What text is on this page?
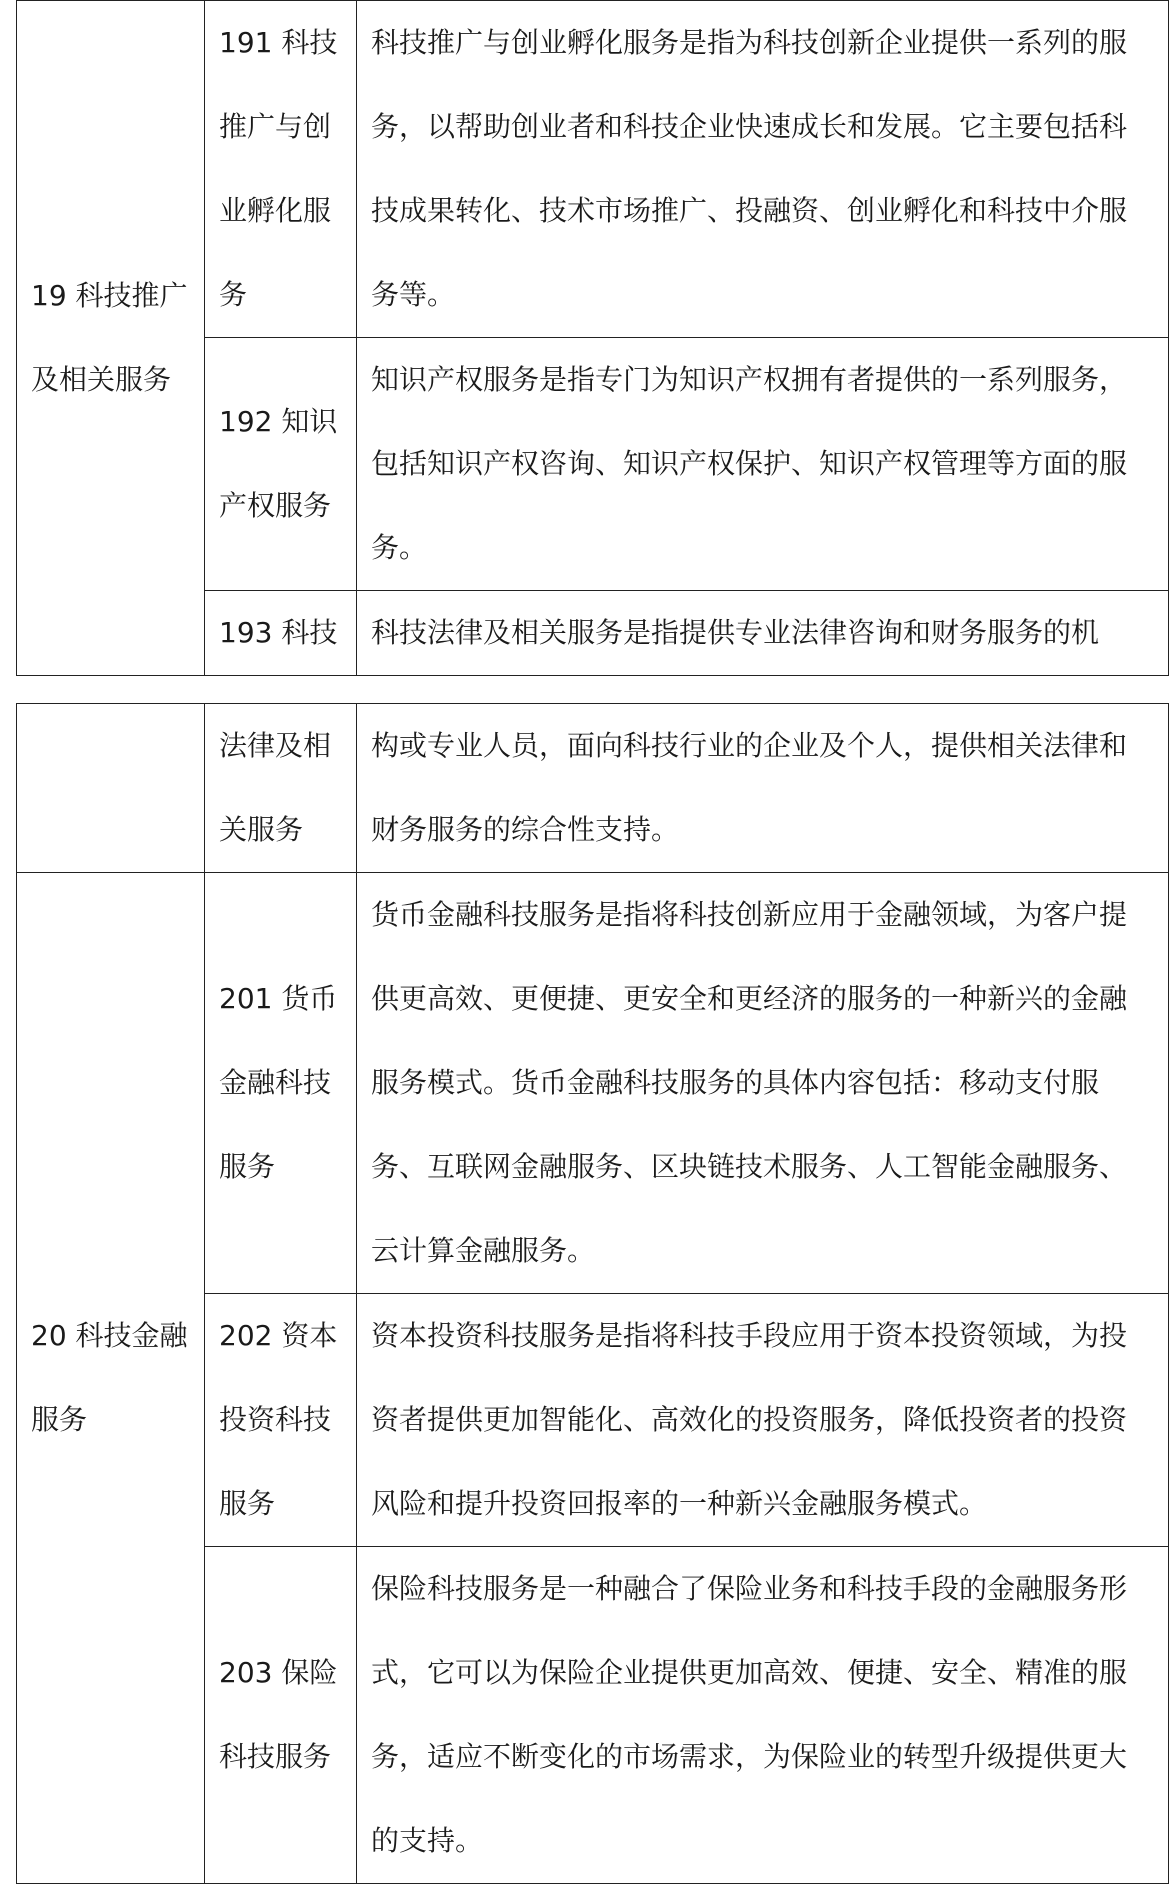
19 科技推广及相关服务	191 科技推广与创业孵化服务	科技推广与创业孵化服务是指为科技创新企业提供一系列的服务，以帮助创业者和科技企业快速成长和发展。它主要包括科技成果转化、技术市场推广、投融资、创业孵化和科技中介服务等。
	192 知识产权服务	知识产权服务是指专门为知识产权拥有者提供的一系列服务，包括知识产权咨询、知识产权保护、知识产权管理等方面的服务。
	193 科技	科技法律及相关服务是指提供专业法律咨询和财务服务的机
	法律及相关服务	构或专业人员，面向科技行业的企业及个人，提供相关法律和财务服务的综合性支持。
20 科技金融服务	201 货币金融科技服务	货币金融科技服务是指将科技创新应用于金融领域，为客户提供更高效、更便捷、更安全和更经济的服务的一种新兴的金融服务模式。货币金融科技服务的具体内容包括：移动支付服务、互联网金融服务、区块链技术服务、人工智能金融服务、云计算金融服务。
	202 资本投资科技服务	资本投资科技服务是指将科技手段应用于资本投资领域，为投资者提供更加智能化、高效化的投资服务，降低投资者的投资风险和提升投资回报率的一种新兴金融服务模式。
	203 保险科技服务	保险科技服务是一种融合了保险业务和科技手段的金融服务形式，它可以为保险企业提供更加高效、便捷、安全、精准的服务，适应不断变化的市场需求，为保险业的转型升级提供更大的支持。
